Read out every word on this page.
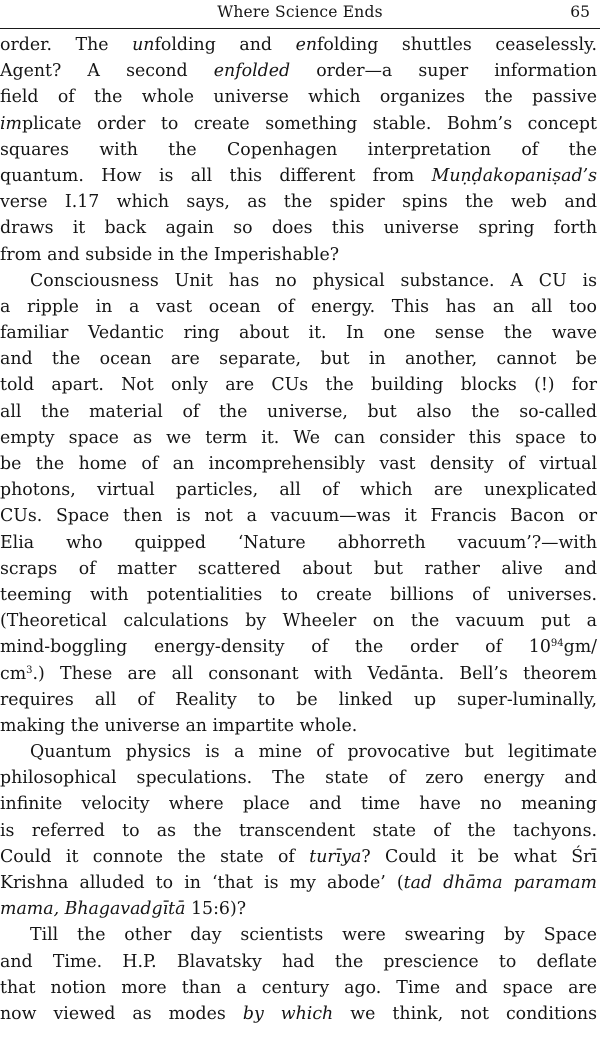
Where Science Ends	65
order. The unfolding and enfolding shuttles ceaselessly.
Agent? A second enfolded order—a super information
field of the whole universe which organizes the passive
implicate order to create something stable. Bohm’s concept
squares with the Copenhagen interpretation of the
quantum. How is all this different from Muṇḍakopaniṣad’s
verse I.17 which says, as the spider spins the web and
draws it back again so does this universe spring forth
from and subside in the Imperishable?
Consciousness Unit has no physical substance. A CU is
a ripple in a vast ocean of energy. This has an all too
familiar Vedantic ring about it. In one sense the wave
and the ocean are separate, but in another, cannot be
told apart. Not only are CUs the building blocks (!) for
all the material of the universe, but also the so-called
empty space as we term it. We can consider this space to
be the home of an incomprehensibly vast density of virtual
photons, virtual particles, all of which are unexplicated
CUs. Space then is not a vacuum—was it Francis Bacon or
Elia who quipped ‘Nature abhorreth vacuum’?—with
scraps of matter scattered about but rather alive and
teeming with potentialities to create billions of universes.
(Theoretical calculations by Wheeler on the vacuum put a
mind-boggling energy-density of the order of $10^{94}gm/$
$cm^3$.) These are all consonant with Vedānta. Bell’s theorem
requires all of Reality to be linked up super-luminally,
making the universe an impartite whole.
Quantum physics is a mine of provocative but legitimate
philosophical speculations. The state of zero energy and
infinite velocity where place and time have no meaning
is referred to as the transcendent state of the tachyons.
Could it connote the state of turīya? Could it be what Śrī
Krishna alluded to in ‘that is my abode’ (tad dhāma paramam
mama, Bhagavadgītā 15:6)?
Till the other day scientists were swearing by Space
and Time. H.P. Blavatsky had the prescience to deflate
that notion more than a century ago. Time and space are
now viewed as modes by which we think, not conditions
